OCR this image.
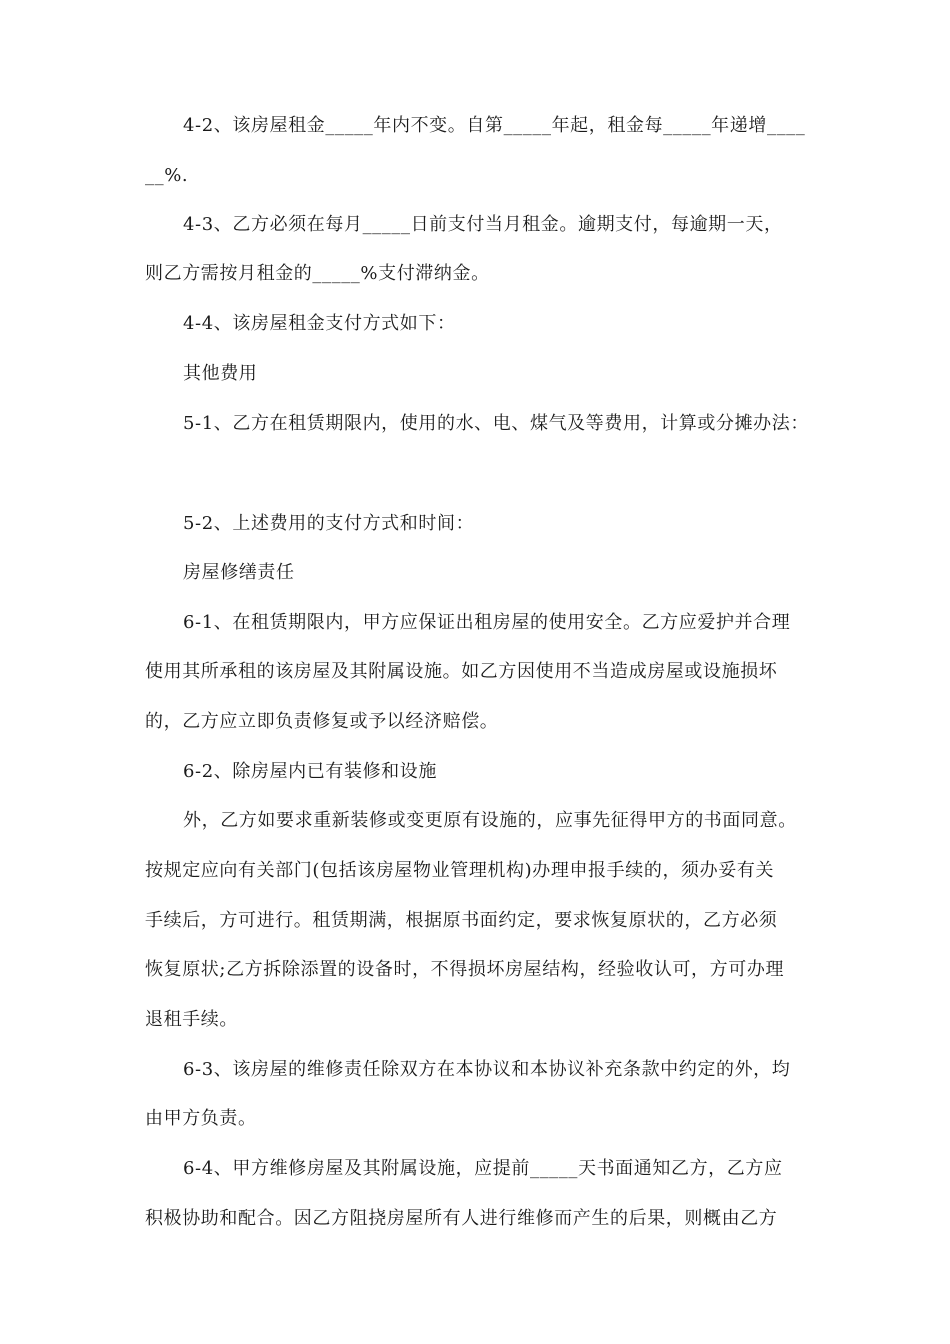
4-2、该房屋租金_____年内不变。自第_____年起，租金每_____年递增____
__%.
4-3、乙方必须在每月_____日前支付当月租金。逾期支付，每逾期一天，
则乙方需按月租金的_____%支付滞纳金。
4-4、该房屋租金支付方式如下：
其他费用
5-1、乙方在租赁期限内，使用的水、电、煤气及等费用，计算或分摊办法：
5-2、上述费用的支付方式和时间：
房屋修缮责任
6-1、在租赁期限内，甲方应保证出租房屋的使用安全。乙方应爱护并合理
使用其所承租的该房屋及其附属设施。如乙方因使用不当造成房屋或设施损坏
的，乙方应立即负责修复或予以经济赔偿。
6-2、除房屋内已有装修和设施
外，乙方如要求重新装修或变更原有设施的，应事先征得甲方的书面同意。
按规定应向有关部门(包括该房屋物业管理机构)办理申报手续的，须办妥有关
手续后，方可进行。租赁期满，根据原书面约定，要求恢复原状的，乙方必须
恢复原状;乙方拆除添置的设备时，不得损坏房屋结构，经验收认可，方可办理
退租手续。
6-3、该房屋的维修责任除双方在本协议和本协议补充条款中约定的外，均
由甲方负责。
6-4、甲方维修房屋及其附属设施，应提前_____天书面通知乙方，乙方应
积极协助和配合。因乙方阻挠房屋所有人进行维修而产生的后果，则概由乙方
